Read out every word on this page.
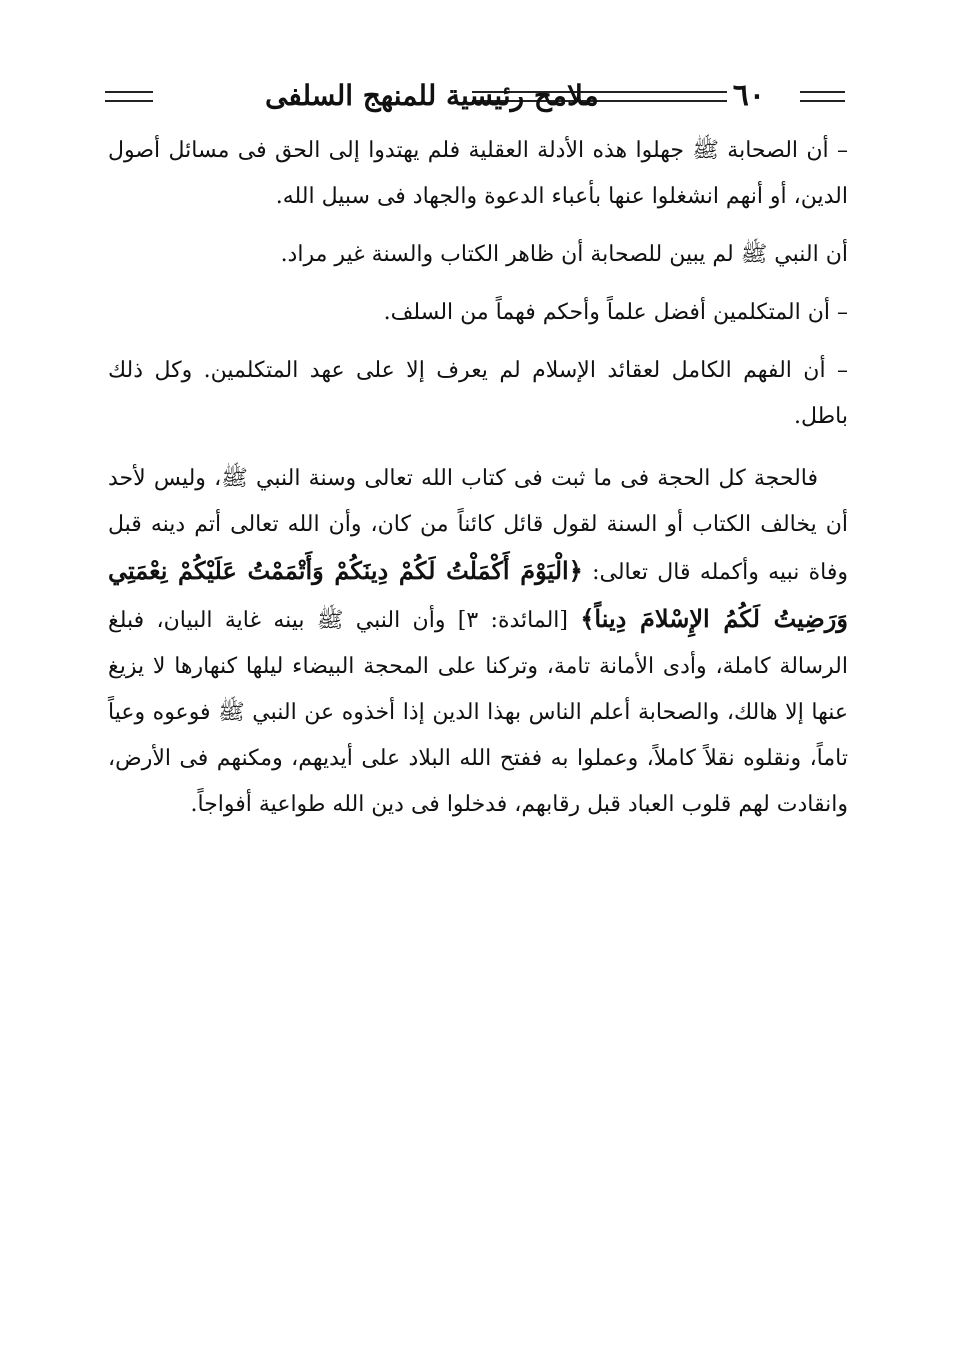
٦٠
ملامح رئيسية للمنهج السلفى

– أن الصحابة ﷺ جهلوا هذه الأدلة العقلية فلم يهتدوا إلى الحق فى مسائل أصول الدين، أو أنهم انشغلوا عنها بأعباء الدعوة والجهاد فى سبيل الله.

أن النبي ﷺ لم يبين للصحابة أن ظاهر الكتاب والسنة غير مراد.

– أن المتكلمين أفضل علماً وأحكم فهماً من السلف.

– أن الفهم الكامل لعقائد الإسلام لم يعرف إلا على عهد المتكلمين. وكل ذلك باطل.

فالحجة كل الحجة فى ما ثبت فى كتاب الله تعالى وسنة النبي ﷺ، وليس لأحد أن يخالف الكتاب أو السنة لقول قائل كائناً من كان، وأن الله تعالى أتم دينه قبل وفاة نبيه وأكمله قال تعالى: ﴿الْيَوْمَ أَكْمَلْتُ لَكُمْ دِينَكُمْ وَأَتْمَمْتُ عَلَيْكُمْ نِعْمَتِي وَرَضِيتُ لَكُمُ الإِسْلامَ دِيناً﴾ [المائدة: ٣] وأن النبي ﷺ بينه غاية البيان، فبلغ الرسالة كاملة، وأدى الأمانة تامة، وتركنا على المحجة البيضاء ليلها كنهارها لا يزيغ عنها إلا هالك، والصحابة أعلم الناس بهذا الدين إذا أخذوه عن النبي ﷺ فوعوه وعياً تاماً، ونقلوه نقلاً كاملاً، وعملوا به ففتح الله البلاد على أيديهم، ومكنهم فى الأرض، وانقادت لهم قلوب العباد قبل رقابهم، فدخلوا فى دين الله طواعية أفواجاً.
